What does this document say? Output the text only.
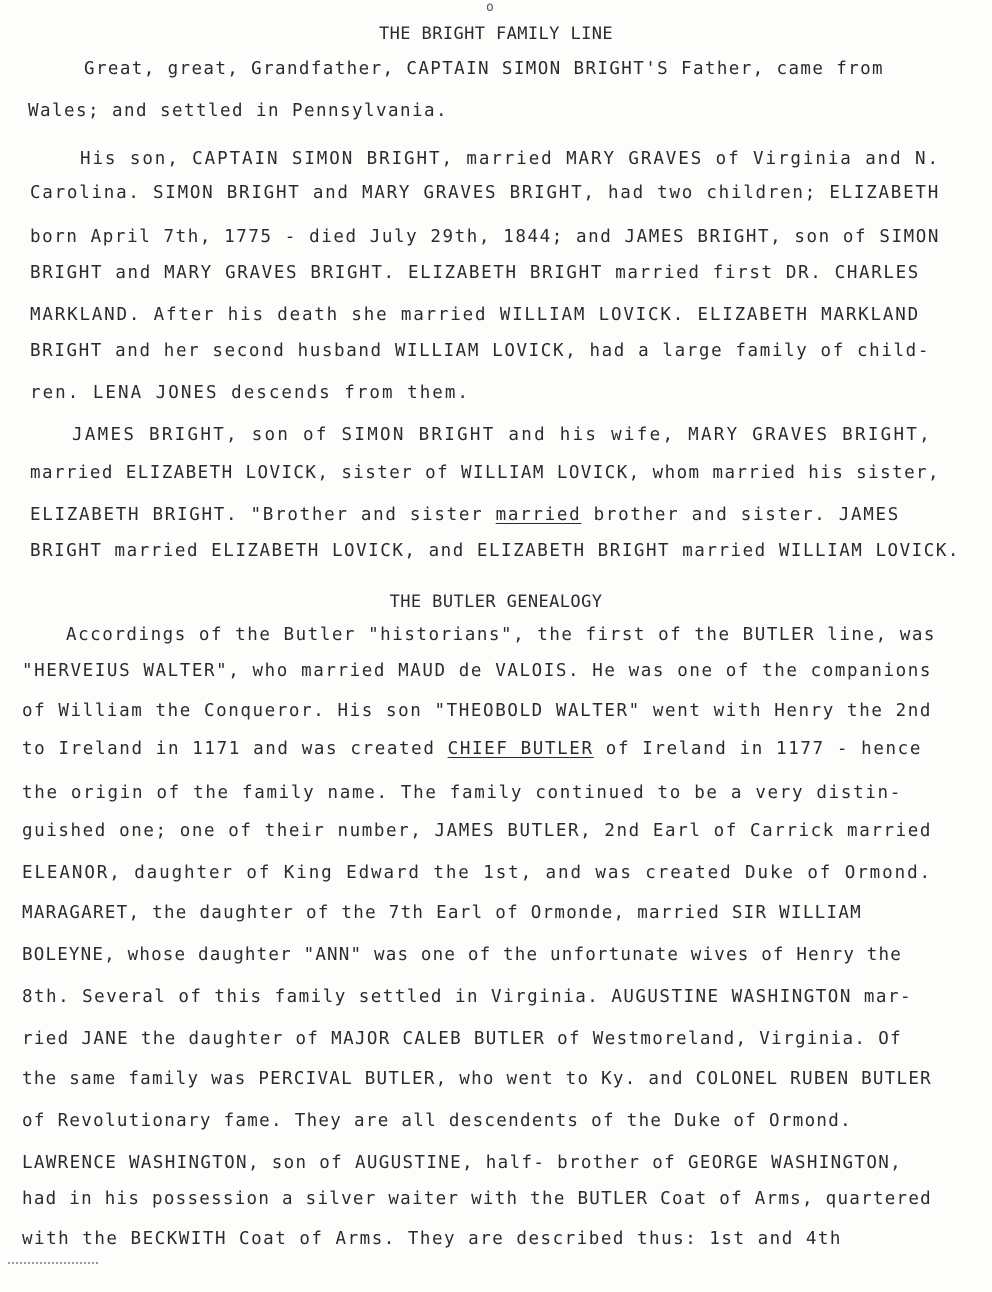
o
THE BRIGHT FAMILY LINE
Great, great, Grandfather, CAPTAIN SIMON BRIGHT'S Father, came from
Wales; and settled in Pennsylvania.
His son, CAPTAIN SIMON BRIGHT, married MARY GRAVES of Virginia and N.
Carolina. SIMON BRIGHT and MARY GRAVES BRIGHT, had two children; ELIZABETH
born April 7th, 1775 - died July 29th, 1844; and JAMES BRIGHT, son of SIMON
BRIGHT and MARY GRAVES BRIGHT. ELIZABETH BRIGHT married first DR. CHARLES
MARKLAND. After his death she married WILLIAM LOVICK. ELIZABETH MARKLAND
BRIGHT and her second husband WILLIAM LOVICK, had a large family of child-
ren. LENA JONES descends from them.
JAMES BRIGHT, son of SIMON BRIGHT and his wife, MARY GRAVES BRIGHT,
married ELIZABETH LOVICK, sister of WILLIAM LOVICK, whom married his sister,
ELIZABETH BRIGHT. "Brother and sister married brother and sister. JAMES
BRIGHT married ELIZABETH LOVICK, and ELIZABETH BRIGHT married WILLIAM LOVICK.
Accordings of the Butler "historians", the first of the BUTLER line, was
"HERVEIUS WALTER", who married MAUD de VALOIS. He was one of the companions
of William the Conqueror. His son "THEOBOLD WALTER" went with Henry the 2nd
to Ireland in 1171 and was created CHIEF BUTLER of Ireland in 1177 - hence
the origin of the family name. The family continued to be a very distin-
guished one; one of their number, JAMES BUTLER, 2nd Earl of Carrick married
ELEANOR, daughter of King Edward the 1st, and was created Duke of Ormond.
MARAGARET, the daughter of the 7th Earl of Ormonde, married SIR WILLIAM
BOLEYNE, whose daughter "ANN" was one of the unfortunate wives of Henry the
8th. Several of this family settled in Virginia. AUGUSTINE WASHINGTON mar-
ried JANE the daughter of MAJOR CALEB BUTLER of Westmoreland, Virginia. Of
the same family was PERCIVAL BUTLER, who went to Ky. and COLONEL RUBEN BUTLER
of Revolutionary fame. They are all descendents of the Duke of Ormond.
LAWRENCE WASHINGTON, son of AUGUSTINE, half- brother of GEORGE WASHINGTON,
had in his possession a silver waiter with the BUTLER Coat of Arms, quartered
with the BECKWITH Coat of Arms. They are described thus: 1st and 4th
THE BUTLER GENEALOGY
